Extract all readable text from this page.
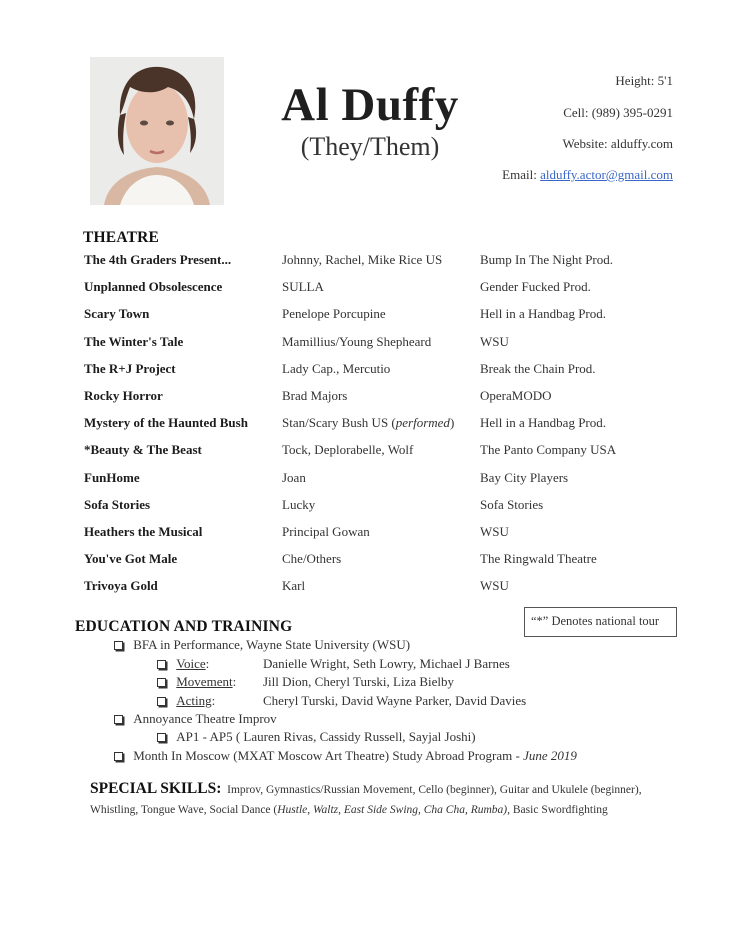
Al Duffy
(They/Them)
Height: 5'1
Cell: (989) 395-0291
Website: alduffy.com
Email: alduffy.actor@gmail.com
THEATRE
The 4th Graders Present...	Johnny, Rachel, Mike Rice US	Bump In The Night Prod.
Unplanned Obsolescence	SULLA	Gender Fucked Prod.
Scary Town	Penelope Porcupine	Hell in a Handbag Prod.
The Winter's Tale	Mamillius/Young Shepheard	WSU
The R+J Project	Lady Cap., Mercutio	Break the Chain Prod.
Rocky Horror	Brad Majors	OperaMODO
Mystery of the Haunted Bush	Stan/Scary Bush US (performed) Hell in a Handbag Prod.
*Beauty & The Beast	Tock, Deplorabelle, Wolf	The Panto Company USA
FunHome	Joan	Bay City Players
Sofa Stories	Lucky	Sofa Stories
Heathers the Musical	Principal Gowan	WSU
You've Got Male	Che/Others	The Ringwald Theatre
Trivoya Gold	Karl	WSU
“*” Denotes national tour
EDUCATION AND TRAINING
BFA in Performance, Wayne State University (WSU)
Voice:	Danielle Wright, Seth Lowry, Michael J Barnes
Movement: Jill Dion, Cheryl Turski, Liza Bielby
Acting:	Cheryl Turski, David Wayne Parker, David Davies
Annoyance Theatre Improv
AP1 - AP5 ( Lauren Rivas, Cassidy Russell, Sayjal Joshi)
Month In Moscow (MXAT Moscow Art Theatre) Study Abroad Program - June 2019
SPECIAL SKILLS: Improv, Gymnastics/Russian Movement, Cello (beginner), Guitar and Ukulele (beginner), Whistling, Tongue Wave, Social Dance (Hustle, Waltz, East Side Swing, Cha Cha, Rumba), Basic Swordfighting
